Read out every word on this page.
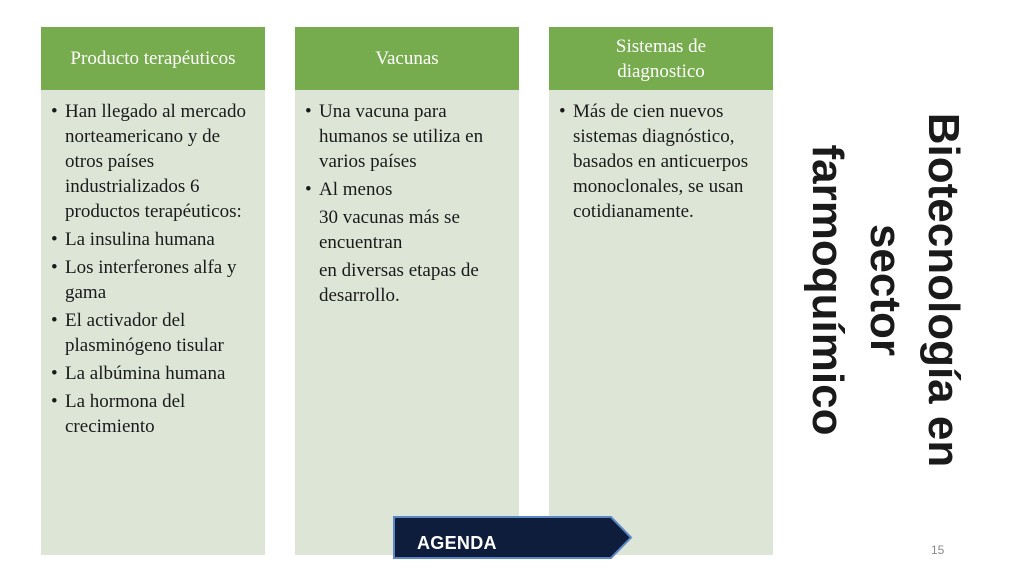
Producto terapéuticos
• Han llegado al mercado norteamericano y de otros países industrializados 6 productos terapéuticos:
• La insulina humana
• Los interferones alfa y gama
• El activador del plasminógeno tisular
• La albúmina humana
• La hormona del crecimiento
Vacunas
• Una vacuna para humanos se utiliza en varios países
• Al menos
30 vacunas más se encuentran
en diversas etapas de desarrollo.
Sistemas de
diagnostico
• Más de cien nuevos sistemas diagnóstico, basados en anticuerpos monoclonales, se usan cotidianamente.	Biotecnología en
sector
farmoquímico
AGENDA	15
